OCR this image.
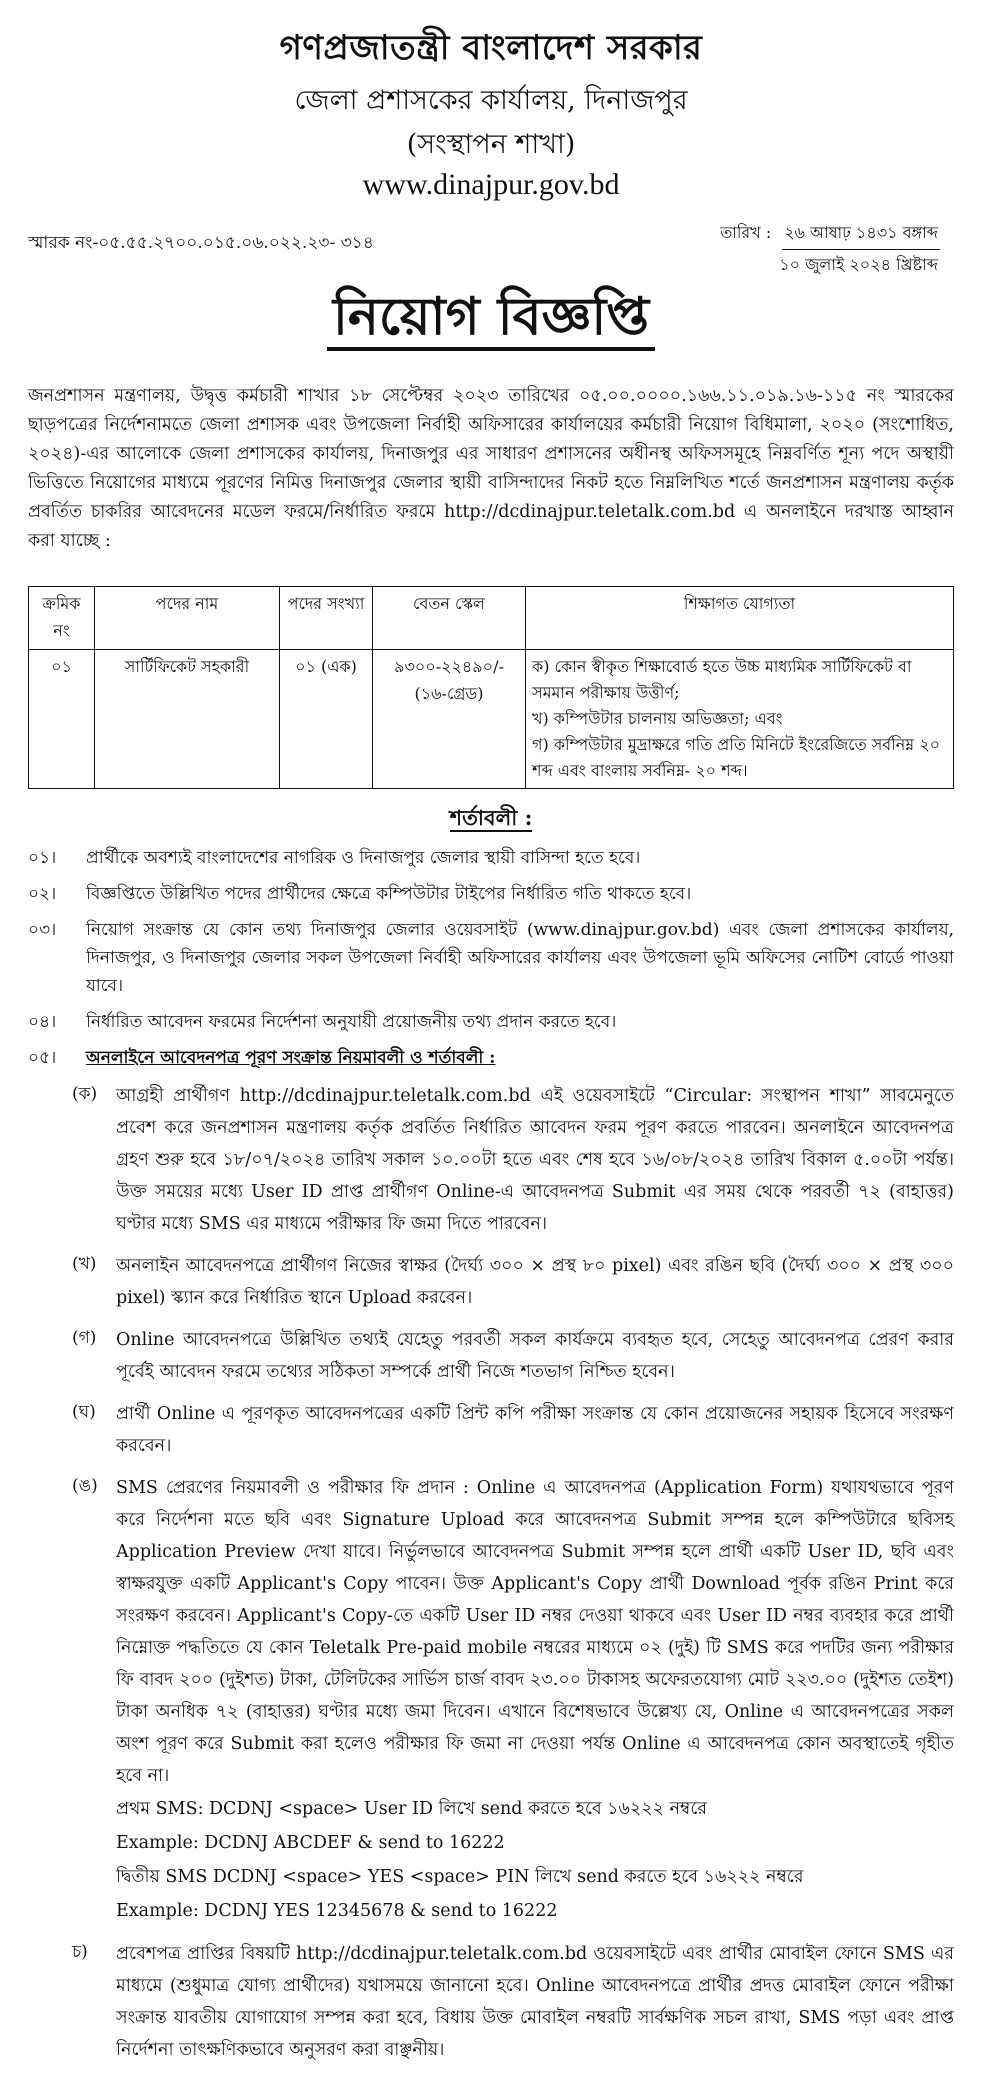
গণপ্রজাতন্ত্রী বাংলাদেশ সরকার
জেলা প্রশাসকের কার্যালয়, দিনাজপুর
(সংস্থাপন শাখা)
www.dinajpur.gov.bd
স্মারক নং-০৫.৫৫.২৭০০.০১৫.০৬.০২২.২৩- ৩১৪
তারিখ : ২৬ আষাঢ় ১৪৩১ বঙ্গাব্দ
১০ জুলাই ২০২৪ খ্রিষ্টাব্দ
নিয়োগ বিজ্ঞপ্তি
জনপ্রশাসন মন্ত্রণালয়, উদ্বৃত্ত কর্মচারী শাখার ১৮ সেপ্টেম্বর ২০২৩ তারিখের ০৫.০০.০০০০.১৬৬.১১.০১৯.১৬-১১৫ নং স্মারকের ছাড়পত্রের নির্দেশনামতে জেলা প্রশাসক এবং উপজেলা নির্বাহী অফিসারের কার্যালয়ের কর্মচারী নিয়োগ বিধিমালা, ২০২০ (সংশোধিত, ২০২৪)-এর আলোকে জেলা প্রশাসকের কার্যালয়, দিনাজপুর এর সাধারণ প্রশাসনের অধীনস্থ অফিসসমূহে নিম্নবর্ণিত শূন্য পদে অস্থায়ী ভিত্তিতে নিয়োগের মাধ্যমে পূরণের নিমিত্ত দিনাজপুর জেলার স্থায়ী বাসিন্দাদের নিকট হতে নিম্নলিখিত শর্তে জনপ্রশাসন মন্ত্রণালয় কর্তৃক প্রবর্তিত চাকরির আবেদনের মডেল ফরমে/নির্ধারিত ফরমে http://dcdinajpur.teletalk.com.bd এ অনলাইনে দরখাস্ত আহ্বান করা যাচ্ছে :
ক্রমিক নং	পদের নাম	পদের সংখ্যা	বেতন স্কেল	শিক্ষাগত যোগ্যতা
০১	সার্টিফিকেট সহকারী	০১ (এক)	৯৩০০-২২৪৯০/- (১৬-গ্রেড)	ক) কোন স্বীকৃত শিক্ষাবোর্ড হতে উচ্চ মাধ্যমিক সার্টিফিকেট বা সমমান পরীক্ষায় উত্তীর্ণ;
খ) কম্পিউটার চালনায় অভিজ্ঞতা; এবং
গ) কম্পিউটার মুদ্রাক্ষরে গতি প্রতি মিনিটে ইংরেজিতে সর্বনিম্ন ২০ শব্দ এবং বাংলায় সর্বনিম্ন- ২০ শব্দ।
শর্তাবলী :
০১।	প্রার্থীকে অবশ্যই বাংলাদেশের নাগরিক ও দিনাজপুর জেলার স্থায়ী বাসিন্দা হতে হবে।
০২।	বিজ্ঞপ্তিতে উল্লিখিত পদের প্রার্থীদের ক্ষেত্রে কম্পিউটার টাইপের নির্ধারিত গতি থাকতে হবে।
০৩।	নিয়োগ সংক্রান্ত যে কোন তথ্য দিনাজপুর জেলার ওয়েবসাইট (www.dinajpur.gov.bd) এবং জেলা প্রশাসকের কার্যালয়, দিনাজপুর, ও দিনাজপুর জেলার সকল উপজেলা নির্বাহী অফিসারের কার্যালয় এবং উপজেলা ভূমি অফিসের নোটিশ বোর্ডে পাওয়া যাবে।
০৪।	নির্ধারিত আবেদন ফরমের নির্দেশনা অনুযায়ী প্রয়োজনীয় তথ্য প্রদান করতে হবে।
০৫।	অনলাইনে আবেদনপত্র পূরণ সংক্রান্ত নিয়মাবলী ও শর্তাবলী :
(ক)	আগ্রহী প্রার্থীগণ http://dcdinajpur.teletalk.com.bd এই ওয়েবসাইটে “Circular: সংস্থাপন শাখা” সাবমেনুতে প্রবেশ করে জনপ্রশাসন মন্ত্রণালয় কর্তৃক প্রবর্তিত নির্ধারিত আবেদন ফরম পূরণ করতে পারবেন। অনলাইনে আবেদনপত্র গ্রহণ শুরু হবে ১৮/০৭/২০২৪ তারিখ সকাল ১০.০০টা হতে এবং শেষ হবে ১৬/০৮/২০২৪ তারিখ বিকাল ৫.০০টা পর্যন্ত। উক্ত সময়ের মধ্যে User ID প্রাপ্ত প্রার্থীগণ Online-এ আবেদনপত্র Submit এর সময় থেকে পরবর্তী ৭২ (বাহাত্তর) ঘণ্টার মধ্যে SMS এর মাধ্যমে পরীক্ষার ফি জমা দিতে পারবেন।
(খ)	অনলাইন আবেদনপত্রে প্রার্থীগণ নিজের স্বাক্ষর (দৈর্ঘ্য ৩০০ × প্রস্থ ৮০ pixel) এবং রঙিন ছবি (দৈর্ঘ্য ৩০০ × প্রস্থ ৩০০ pixel) স্ক্যান করে নির্ধারিত স্থানে Upload করবেন।
(গ)	Online আবেদনপত্রে উল্লিখিত তথ্যই যেহেতু পরবর্তী সকল কার্যক্রমে ব্যবহৃত হবে, সেহেতু আবেদনপত্র প্রেরণ করার পূর্বেই আবেদন ফরমে তথ্যের সঠিকতা সম্পর্কে প্রার্থী নিজে শতভাগ নিশ্চিত হবেন।
(ঘ)	প্রার্থী Online এ পূরণকৃত আবেদনপত্রের একটি প্রিন্ট কপি পরীক্ষা সংক্রান্ত যে কোন প্রয়োজনের সহায়ক হিসেবে সংরক্ষণ করবেন।
(ঙ)	SMS প্রেরণের নিয়মাবলী ও পরীক্ষার ফি প্রদান : Online এ আবেদনপত্র (Application Form) যথাযথভাবে পূরণ করে নির্দেশনা মতে ছবি এবং Signature Upload করে আবেদনপত্র Submit সম্পন্ন হলে কম্পিউটারে ছবিসহ Application Preview দেখা যাবে। নির্ভুলভাবে আবেদনপত্র Submit সম্পন্ন হলে প্রার্থী একটি User ID, ছবি এবং স্বাক্ষরযুক্ত একটি Applicant's Copy পাবেন। উক্ত Applicant's Copy প্রার্থী Download পূর্বক রঙিন Print করে সংরক্ষণ করবেন। Applicant's Copy-তে একটি User ID নম্বর দেওয়া থাকবে এবং User ID নম্বর ব্যবহার করে প্রার্থী নিম্নোক্ত পদ্ধতিতে যে কোন Teletalk Pre-paid mobile নম্বরের মাধ্যমে ০২ (দুই) টি SMS করে পদটির জন্য পরীক্ষার ফি বাবদ ২০০ (দুইশত) টাকা, টেলিটকের সার্ভিস চার্জ বাবদ ২৩.০০ টাকাসহ অফেরতযোগ্য মোট ২২৩.০০ (দুইশত তেইশ) টাকা অনধিক ৭২ (বাহাত্তর) ঘণ্টার মধ্যে জমা দিবেন। এখানে বিশেষভাবে উল্লেখ্য যে, Online এ আবেদনপত্রের সকল অংশ পূরণ করে Submit করা হলেও পরীক্ষার ফি জমা না দেওয়া পর্যন্ত Online এ আবেদনপত্র কোন অবস্থাতেই গৃহীত হবে না।
প্রথম SMS: DCDNJ <space> User ID লিখে send করতে হবে ১৬২২২ নম্বরে
Example: DCDNJ ABCDEF & send to 16222
দ্বিতীয় SMS DCDNJ <space> YES <space> PIN লিখে send করতে হবে ১৬২২২ নম্বরে
Example: DCDNJ YES 12345678 & send to 16222
চ)	প্রবেশপত্র প্রাপ্তির বিষয়টি http://dcdinajpur.teletalk.com.bd ওয়েবসাইটে এবং প্রার্থীর মোবাইল ফোনে SMS এর মাধ্যমে (শুধুমাত্র যোগ্য প্রার্থীদের) যথাসময়ে জানানো হবে। Online আবেদনপত্রে প্রার্থীর প্রদত্ত মোবাইল ফোনে পরীক্ষা সংক্রান্ত যাবতীয় যোগাযোগ সম্পন্ন করা হবে, বিধায় উক্ত মোবাইল নম্বরটি সার্বক্ষণিক সচল রাখা, SMS পড়া এবং প্রাপ্ত নির্দেশনা তাৎক্ষণিকভাবে অনুসরণ করা বাঞ্ছনীয়।
